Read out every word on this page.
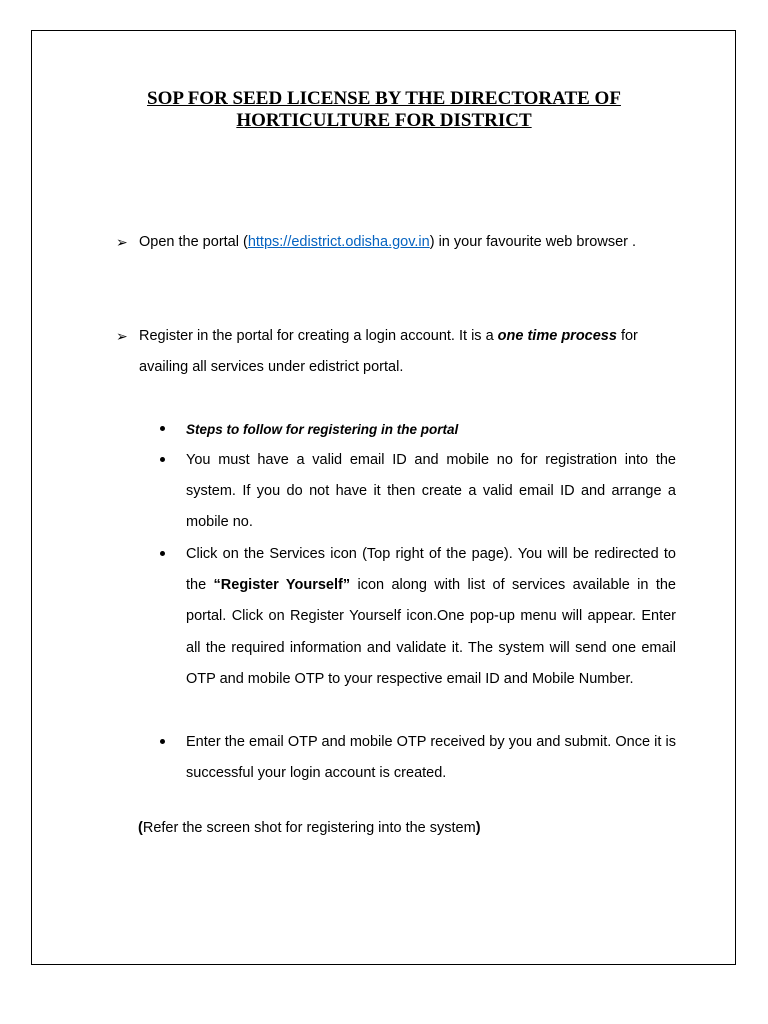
SOP FOR SEED LICENSE BY THE DIRECTORATE OF
HORTICULTURE FOR DISTRICT
➢ Open the portal (https://edistrict.odisha.gov.in) in your favourite web browser .
➢ Register in the portal for creating a login account. It is a one time process for availing all services under edistrict portal.
Steps to follow for registering in the portal
You must have a valid email ID and mobile no for registration into the system. If you do not have it then create a valid email ID and arrange a mobile no.
Click on the Services icon (Top right of the page). You will be redirected to the “Register Yourself” icon along with list of services available in the portal. Click on Register Yourself icon.One pop-up menu will appear. Enter all the required information and validate it. The system will send one email OTP and mobile OTP to your respective email ID and Mobile Number.
Enter the email OTP and mobile OTP received by you and submit. Once it is successful your login account is created.
(Refer the screen shot for registering into the system)
